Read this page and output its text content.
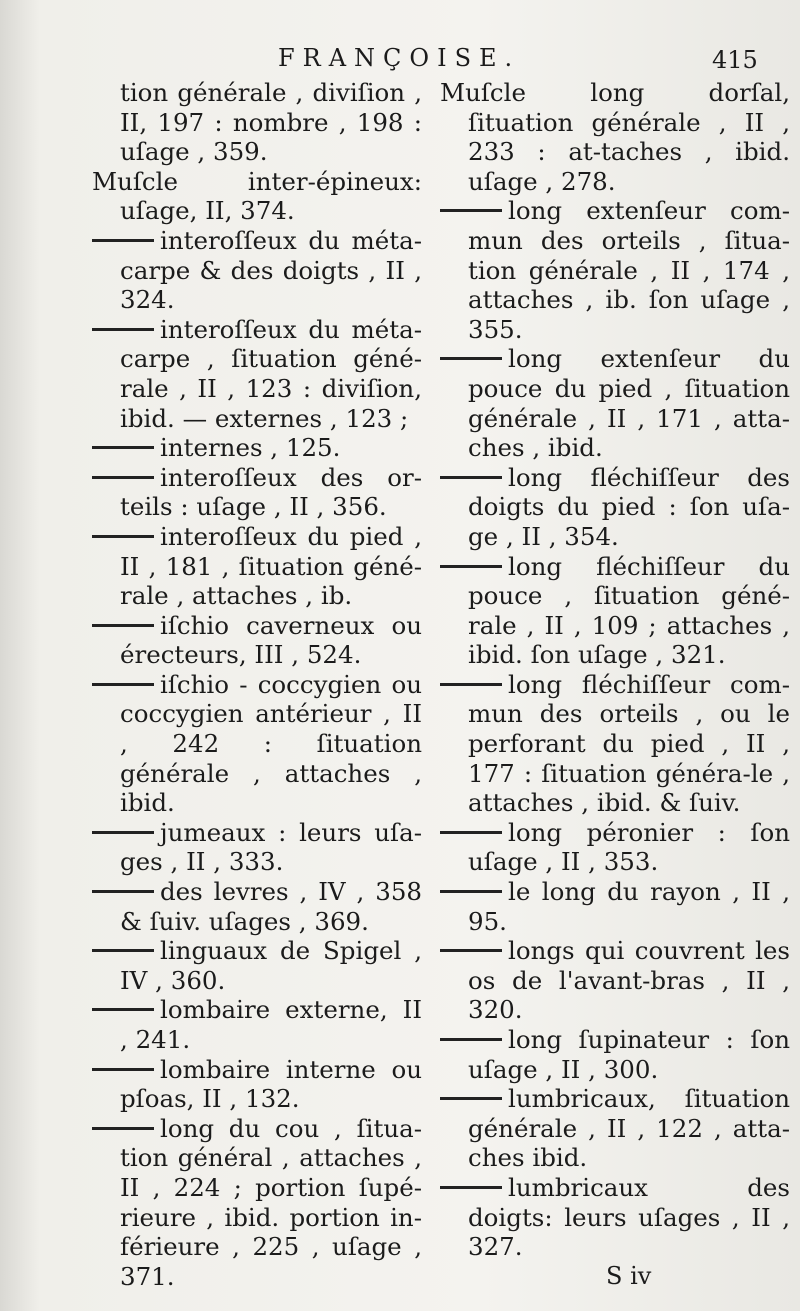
FRANÇOISE.	415

tion générale , diviſion , II, 197 : nombre , 198 : uſage , 359.

Muſcle inter-épineux: uſage, II, 374.

interoſſeux du méta-carpe & des doigts , II , 324.

interoſſeux du méta-carpe , ſituation géné-rale , II , 123 : diviſion, ibid. — externes , 123 ;

internes , 125.

interoſſeux des or-teils : uſage , II , 356.

interoſſeux du pied , II , 181 , ſituation géné-rale , attaches , ib.

iſchio caverneux ou érecteurs, III , 524.

iſchio - coccygien ou coccygien antérieur , II , 242 : ſituation générale , attaches , ibid.

jumeaux : leurs uſa-ges , II , 333.

des levres , IV , 358 & ſuiv. uſages , 369.

linguaux de Spigel , IV , 360.

lombaire externe, II , 241.

lombaire interne ou pſoas, II , 132.

long du cou , ſitua-tion général , attaches , II , 224 ; portion ſupé-rieure , ibid. portion in-férieure , 225 , uſage , 371.

Muſcle long dorſal, ſituation générale , II , 233 : at-taches , ibid. uſage , 278.

long extenſeur com-mun des orteils , ſitua-tion générale , II , 174 , attaches , ib. ſon uſage , 355.

long extenſeur du pouce du pied , ſituation générale , II , 171 , atta-ches , ibid.

long fléchiſſeur des doigts du pied : ſon uſa-ge , II , 354.

long fléchiſſeur du pouce , ſituation géné-rale , II , 109 ; attaches , ibid. ſon uſage , 321.

long fléchiſſeur com-mun des orteils , ou le perforant du pied , II , 177 : ſituation généra-le , attaches , ibid. & ſuiv.

long péronier : ſon uſage , II , 353.

le long du rayon , II , 95.

longs qui couvrent les os de l'avant-bras , II , 320.

long ſupinateur : ſon uſage , II , 300.

lumbricaux, ſituation générale , II , 122 , atta-ches ibid.

lumbricaux des doigts: leurs uſages , II , 327.

S iv
